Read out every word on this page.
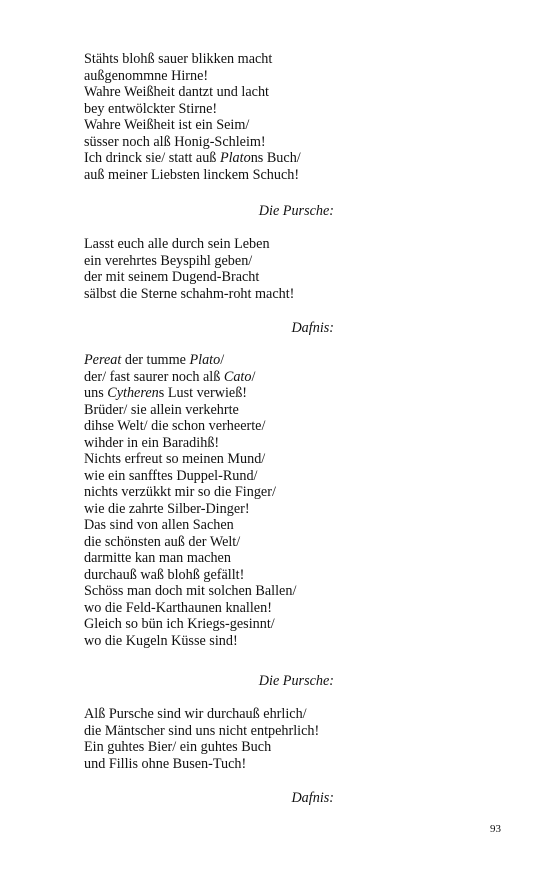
Stähts blohß sauer blikken macht
außgenommne Hirne!
Wahre Weißheit dantzt und lacht
bey entwölckter Stirne!
Wahre Weißheit ist ein Seim/
süsser noch alß Honig-Schleim!
Ich drinck sie/ statt auß Platons Buch/
auß meiner Liebsten linckem Schuch!
Die Pursche:
Lasst euch alle durch sein Leben
ein verehrtes Beyspihl geben/
der mit seinem Dugend-Bracht
sälbst die Sterne schahm-roht macht!
Dafnis:
Pereat der tumme Plato/
der/ fast saurer noch alß Cato/
uns Cytherens Lust verwieß!
Brüder/ sie allein verkehrte
dihse Welt/ die schon verheerte/
wihder in ein Baradihß!
Nichts erfreut so meinen Mund/
wie ein sanfftes Duppel-Rund/
nichts verzükkt mir so die Finger/
wie die zahrte Silber-Dinger!
Das sind von allen Sachen
die schönsten auß der Welt/
darmitte kan man machen
durchauß waß blohß gefällt!
Schöss man doch mit solchen Ballen/
wo die Feld-Karthaunen knallen!
Gleich so bün ich Kriegs-gesinnt/
wo die Kugeln Küsse sind!
Die Pursche:
Alß Pursche sind wir durchauß ehrlich/
die Mäntscher sind uns nicht entpehrlich!
Ein guhtes Bier/ ein guhtes Buch
und Fillis ohne Busen-Tuch!
Dafnis:
93
